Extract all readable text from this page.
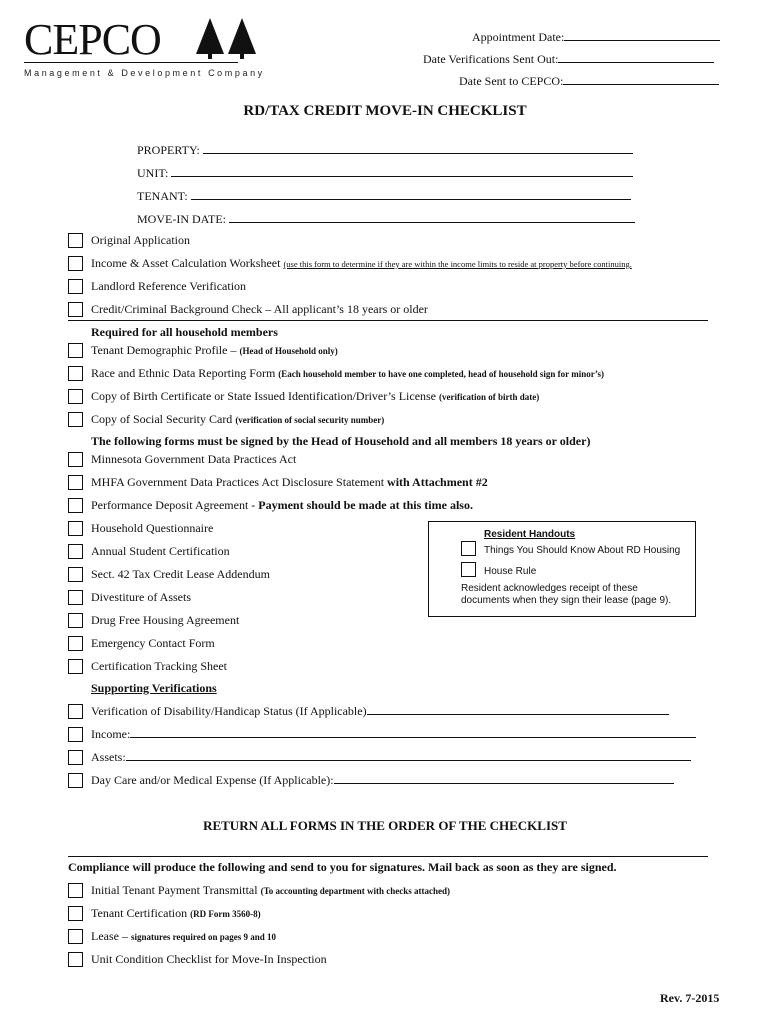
CEPCO
Management & Development Company
Appointment Date:
Date Verifications Sent Out:
Date Sent to CEPCO:
RD/TAX CREDIT MOVE-IN CHECKLIST
PROPERTY:
UNIT:
TENANT:
MOVE-IN DATE:
Original Application
Income & Asset Calculation Worksheet (use this form to determine if they are within the income limits to reside at property before continuing.
Landlord Reference Verification
Credit/Criminal Background Check – All applicant’s 18 years or older
Required for all household members
Tenant Demographic Profile – (Head of Household only)
Race and Ethnic Data Reporting Form (Each household member to have one completed, head of household sign for minor’s)
Copy of Birth Certificate or State Issued Identification/Driver’s License (verification of birth date)
Copy of Social Security Card (verification of social security number)
The following forms must be signed by the Head of Household and all members 18 years or older)
Minnesota Government Data Practices Act
MHFA Government Data Practices Act Disclosure Statement with Attachment #2
Performance Deposit Agreement - Payment should be made at this time also.
Household Questionnaire
Annual Student Certification
Sect. 42 Tax Credit Lease Addendum
Divestiture of Assets
Drug Free Housing Agreement
Emergency Contact Form
Certification Tracking Sheet
Resident Handouts
Things You Should Know About RD Housing
House Rule
Resident acknowledges receipt of these
documents when they sign their lease (page 9).
Supporting Verifications
Verification of Disability/Handicap Status (If Applicable)
Income:
Assets:
Day Care and/or Medical Expense (If Applicable):
RETURN ALL FORMS IN THE ORDER OF THE CHECKLIST
Compliance will produce the following and send to you for signatures. Mail back as soon as they are signed.
Initial Tenant Payment Transmittal (To accounting department with checks attached)
Tenant Certification (RD Form 3560-8)
Lease – signatures required on pages 9 and 10
Unit Condition Checklist for Move-In Inspection
Rev. 7-2015
